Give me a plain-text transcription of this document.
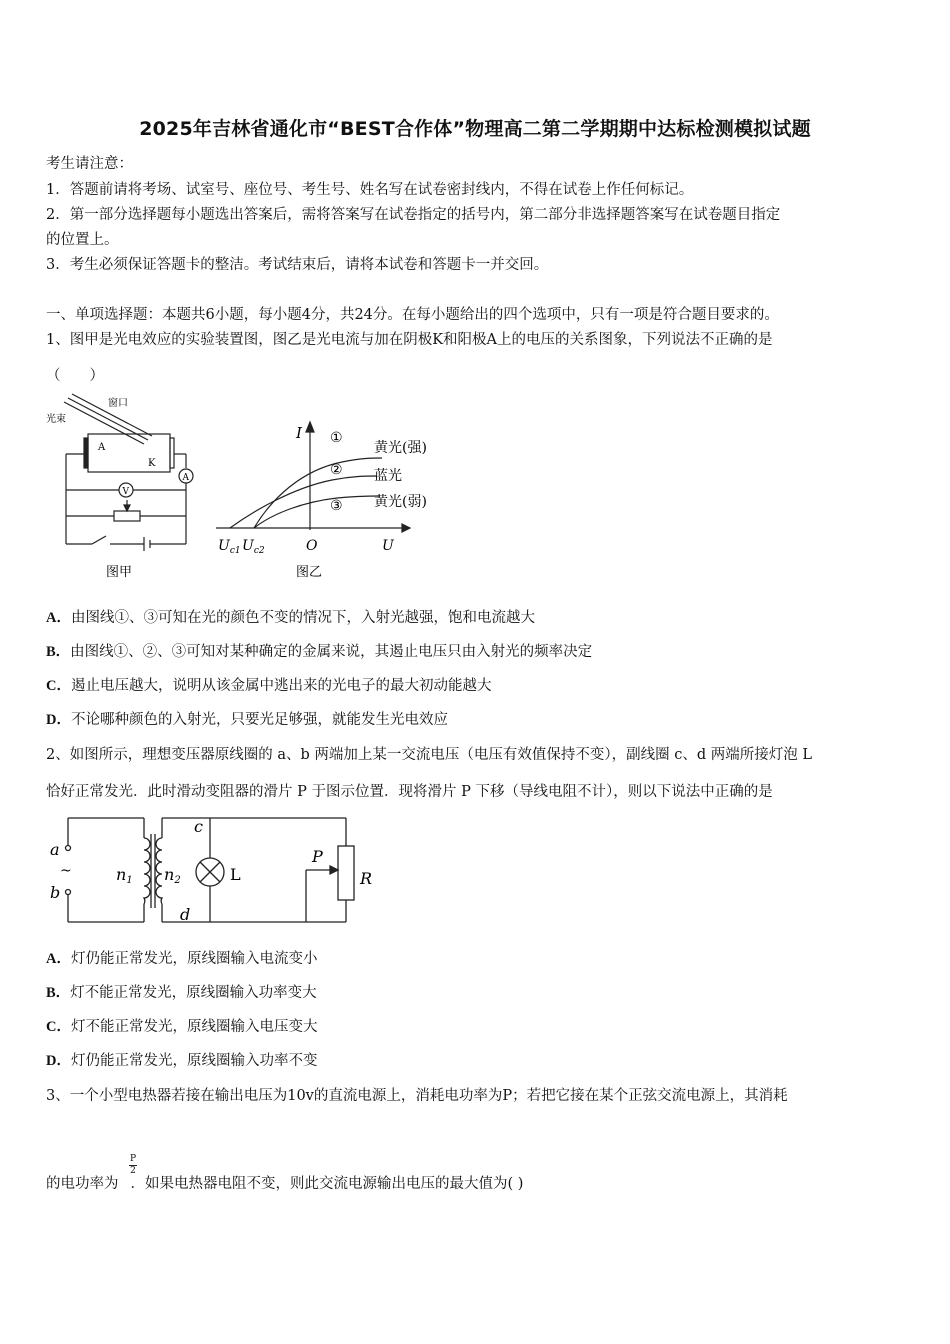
2025年吉林省通化市“BEST合作体”物理高二第二学期期中达标检测模拟试题
考生请注意：
1．答题前请将考场、试室号、座位号、考生号、姓名写在试卷密封线内，不得在试卷上作任何标记。
2．第一部分选择题每小题选出答案后，需将答案写在试卷指定的括号内，第二部分非选择题答案写在试卷题目指定
的位置上。
3．考生必须保证答题卡的整洁。考试结束后，请将本试卷和答题卡一并交回。
一、单项选择题：本题共6小题，每小题4分，共24分。在每小题给出的四个选项中，只有一项是符合题目要求的。
1、图甲是光电效应的实验装置图，图乙是光电流与加在阴极K和阳极A上的电压的关系图象，下列说法不正确的是
（　　）
光束
窗口
A
K
A
V
图甲
I ①
②
③
黄光(强)
蓝光
黄光(弱)
$U_{c1}$ $U_{c2}$	O	U
图乙
A．由图线①、③可知在光的颜色不变的情况下，入射光越强，饱和电流越大
B．由图线①、②、③可知对某种确定的金属来说，其遏止电压只由入射光的频率决定
C．遏止电压越大，说明从该金属中逃出来的光电子的最大初动能越大
D．不论哪种颜色的入射光，只要光足够强，就能发生光电效应
2、如图所示，理想变压器原线圈的 a、b 两端加上某一交流电压（电压有效值保持不变），副线圈 c、d 两端所接灯泡 L
恰好正常发光．此时滑动变阻器的滑片 P 于图示位置．现将滑片 P 下移（导线电阻不计），则以下说法中正确的是
a
~
b
n1 n2
c
d
L
P
R
A．灯仍能正常发光，原线圈输入电流变小
B．灯不能正常发光，原线圈输入功率变大
C．灯不能正常发光，原线圈输入电压变大
D．灯仍能正常发光，原线圈输入功率不变
3、一个小型电热器若接在输出电压为10v的直流电源上，消耗电功率为P；若把它接在某个正弦交流电源上，其消耗
的电功率为 ．如果电热器电阻不变，则此交流电源输出电压的最大值为( )
P
2
